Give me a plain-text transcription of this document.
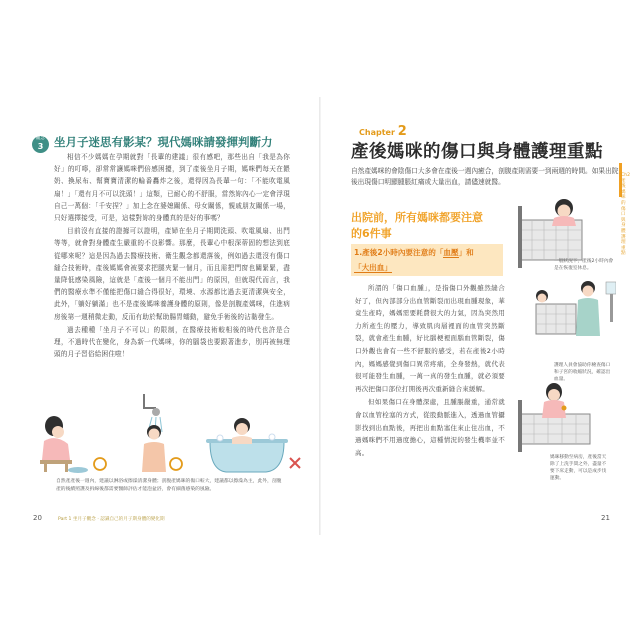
觀念
3 坐月子迷思有影某？現代媽咪請發揮判斷力

相信不少媽媽在孕期就對「長輩的建議」很有感吧，那些出自「我是為你好」的叮嚀，卻常常讓媽咪們倍感困擾，到了產後坐月子期，媽咪們每天在餵奶、換尿布、幫寶寶清潔的輪番轟炸之後，還得因為長輩一句：「不能吹電風扇！」「還有月不可以洗頭！」這類，已耐心的不舒服，當然妳內心一定會浮現自己一萬個：「千安捏？」加上念在婆媳關係、母女關係，親戚朋友關係一場，只好選擇接受，可是，這樣對妳的身體真的是好的事嗎？

目前沒有直接的證據可以證明，產婦在坐月子期間洗頭、吹電風扇、出門等等，就會對身體產生嚴重的不良影響。那麼，長輩心中根深蒂固的想法到底從哪來呢？這是因為過去醫療技術、衛生觀念都還落後，例如過去還沒有傷口縫合技術時，產後媽媽會被要求把腿夾緊一個月，而且需把門窗也關緊緊，盡量降低感染風險，這就是「產後一個月不能出門」的原因，但就現代而言，我們的醫療水準不僅能把傷口縫合得很好，環境、水源都比過去更清潔與安全，此外，「躺好躺滿」也不是產後媽咪養護身體的原則，像是剖腹產媽咪，住進病房後第一週稍微走動，反而有助於幫助腸胃蠕動，避免手術後的沾黏發生。

過去種種「坐月子不可以」的限制，在醫療技術較相後的時代也許是合理，不過時代在變化，身為新一代媽咪，你的腦袋也要跟著進步，別再被無理頭的月子習俗給困住啦！

自然產產後一週內，建議以淋浴或擦澡清潔身體；剖腹產媽咪的傷口較大，建議都以擦澡為主，此外，剖腹產的後續照護及拆線後都需要醫師評估才能泡盆浴，會有細菌感染的風險。
20	Part 1 坐月子觀念 · 認識自己的月子期身體的變化期
Chapter 2
產後媽咪的傷口與身體護理重點
自然產媽咪的會陰傷口大多會在產後一週內癒合，剖腹產則需要一到兩週的時間。如果出院後出現傷口明顯腫脹紅痛或大量出血，請儘速就醫。
出院前，所有媽咪都要注意
的6件事
1.產後2小時內要注意的「血壓」和
「大出血」

所謂的「傷口血腫」，是指傷口外觀雖然縫合好了，但內部部分出血管斷裂而出現血腫現象，華竟生產時，媽媽需要耗費很大的力氣，因為突然用力所產生的壓力，導致肌肉層裡面的血管突然斷裂，就會產生血腫，好比腦梗裡面腦血管斷裂，傷口外觀也會有一些不舒服的感受，若在產後2小時內，媽媽感覺到傷口異常疼痛，全身發熱，就代表很可能發生血腫，一萬一真的發生血腫，就必須要再次把傷口部位打開後再次重新縫合來緩解。

但如果傷口在身體深處，且腫脹嚴重，通常就會以血管栓塞的方式，從股動脈進入，透過血管攝影找到出血點後，再把出血點塞住來止住出血，不過媽咪們不用過度擔心，這種情況的發生機率並不高。

一般狀況下，產後2小時內會是在恢復室休息。
護理人員會協助你檢查傷口和子宮的收縮狀況，確認出血量。
媽咪移動至病房，產後當天除了上洗手間之外，盡量不要下床走動，可以是成步伐運動。
Ch2 產後媽咪的傷口與身體護理重點
21
